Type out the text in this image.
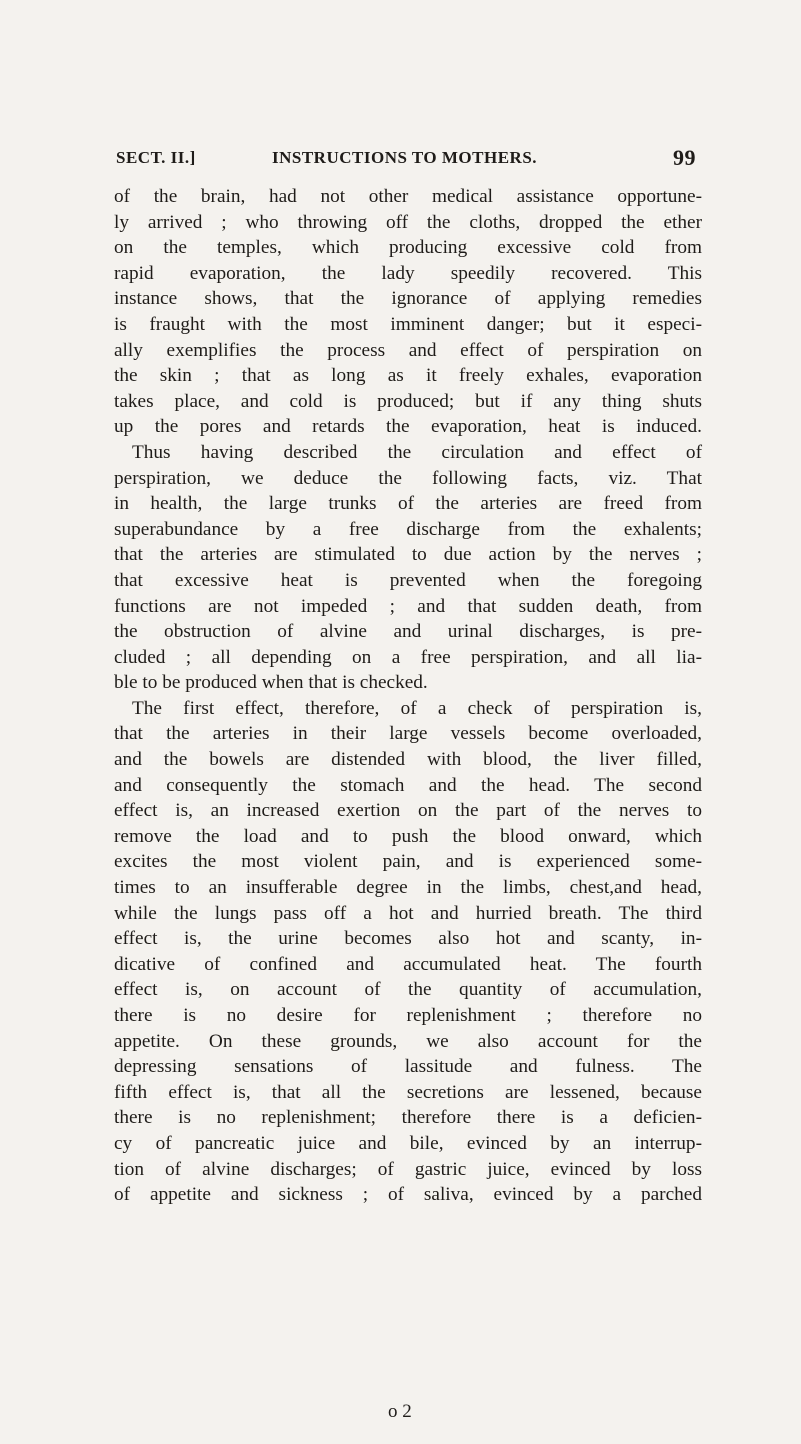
SECT. II.]	INSTRUCTIONS TO MOTHERS.	99
of the brain, had not other medical assistance opportune-
ly arrived ; who throwing off the cloths, dropped the ether
on the temples, which producing excessive cold from
rapid evaporation, the lady speedily recovered. This
instance shows, that the ignorance of applying remedies
is fraught with the most imminent danger; but it especi-
ally exemplifies the process and effect of perspiration on
the skin ; that as long as it freely exhales, evaporation
takes place, and cold is produced; but if any thing shuts
up the pores and retards the evaporation, heat is induced.
Thus having described the circulation and effect of
perspiration, we deduce the following facts, viz. That
in health, the large trunks of the arteries are freed from
superabundance by a free discharge from the exhalents;
that the arteries are stimulated to due action by the nerves ;
that excessive heat is prevented when the foregoing
functions are not impeded ; and that sudden death, from
the obstruction of alvine and urinal discharges, is pre-
cluded ; all depending on a free perspiration, and all lia-
ble to be produced when that is checked.
The first effect, therefore, of a check of perspiration is,
that the arteries in their large vessels become overloaded,
and the bowels are distended with blood, the liver filled,
and consequently the stomach and the head. The second
effect is, an increased exertion on the part of the nerves to
remove the load and to push the blood onward, which
excites the most violent pain, and is experienced some-
times to an insufferable degree in the limbs, chest,and head,
while the lungs pass off a hot and hurried breath. The third
effect is, the urine becomes also hot and scanty, in-
dicative of confined and accumulated heat. The fourth
effect is, on account of the quantity of accumulation,
there is no desire for replenishment ; therefore no
appetite. On these grounds, we also account for the
depressing sensations of lassitude and fulness. The
fifth effect is, that all the secretions are lessened, because
there is no replenishment; therefore there is a deficien-
cy of pancreatic juice and bile, evinced by an interrup-
tion of alvine discharges; of gastric juice, evinced by loss
of appetite and sickness ; of saliva, evinced by a parched
o 2
